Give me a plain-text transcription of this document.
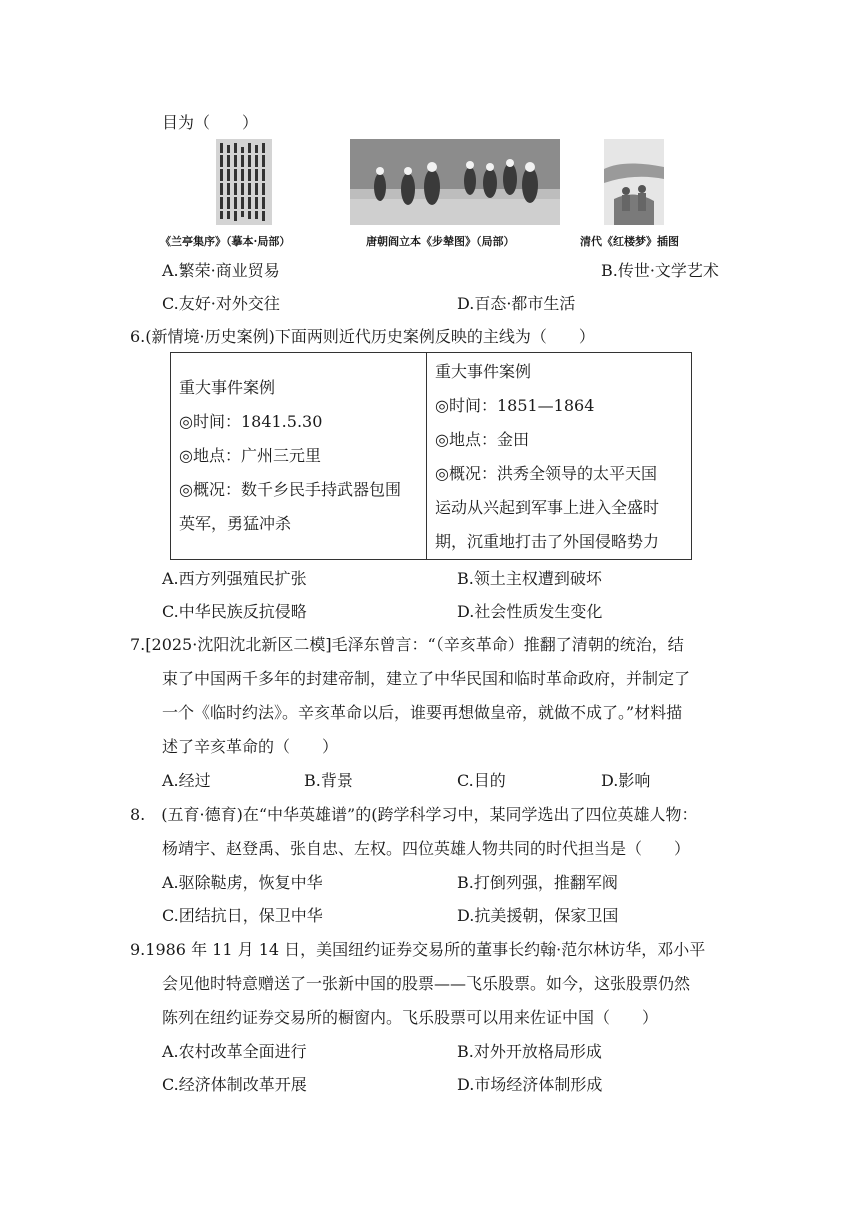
目为（　　）
《兰亭集序》（摹本·局部）	唐朝阎立本《步辇图》（局部）	清代《红楼梦》插图
A.繁荣·商业贸易	B.传世·文学艺术
C.友好·对外交往	D.百态·都市生活
6.(新情境·历史案例)下面两则近代历史案例反映的主线为（　　）
重大事件案例
◎时间：1841.5.30
◎地点：广州三元里
◎概况：数千乡民手持武器包围
英军，勇猛冲杀

重大事件案例
◎时间：1851—1864
◎地点：金田
◎概况：洪秀全领导的太平天国
运动从兴起到军事上进入全盛时
期，沉重地打击了外国侵略势力
A.西方列强殖民扩张	B.领土主权遭到破坏
C.中华民族反抗侵略	D.社会性质发生变化
7.[2025·沈阳沈北新区二模]毛泽东曾言：“（辛亥革命）推翻了清朝的统治，结
束了中国两千多年的封建帝制，建立了中华民国和临时革命政府，并制定了
一个《临时约法》。辛亥革命以后，谁要再想做皇帝，就做不成了。”材料描
述了辛亥革命的（　　）
A.经过	B.背景	C.目的	D.影响
8.　(五育·德育)在“中华英雄谱”的(跨学科学习中，某同学选出了四位英雄人物：
杨靖宇、赵登禹、张自忠、左权。四位英雄人物共同的时代担当是（　　）
A.驱除鞑虏，恢复中华	B.打倒列强，推翻军阀
C.团结抗日，保卫中华	D.抗美援朝，保家卫国
9.1986 年 11 月 14 日，美国纽约证券交易所的董事长约翰·范尔林访华，邓小平
会见他时特意赠送了一张新中国的股票——飞乐股票。如今，这张股票仍然
陈列在纽约证券交易所的橱窗内。飞乐股票可以用来佐证中国（　　）
A.农村改革全面进行	B.对外开放格局形成
C.经济体制改革开展	D.市场经济体制形成
